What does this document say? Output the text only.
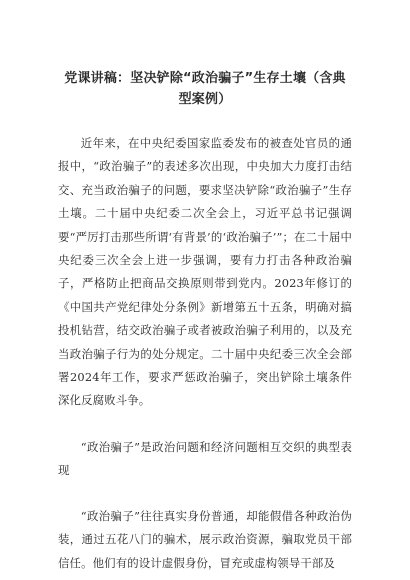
党课讲稿：坚决铲除“政治骗子”生存土壤（含典型案例）

近年来，在中央纪委国家监委发布的被查处官员的通报中，“政治骗子”的表述多次出现，中央加大力度打击结交、充当政治骗子的问题，要求坚决铲除“政治骗子”生存土壤。二十届中央纪委二次全会上，习近平总书记强调要“严厉打击那些所谓‘有背景’的‘政治骗子’”；在二十届中央纪委三次全会上进一步强调，要有力打击各种政治骗子，严格防止把商品交换原则带到党内。2023年修订的《中国共产党纪律处分条例》新增第五十五条，明确对搞投机钻营，结交政治骗子或者被政治骗子利用的，以及充当政治骗子行为的处分规定。二十届中央纪委三次全会部署2024年工作，要求严惩政治骗子，突出铲除土壤条件深化反腐败斗争。

“政治骗子”是政治问题和经济问题相互交织的典型表现

“政治骗子”往往真实身份普通，却能假借各种政治伪装，通过五花八门的骗术，展示政治资源，骗取党员干部信任。他们有的设计虚假身份，冒充或虚构领导干部及
